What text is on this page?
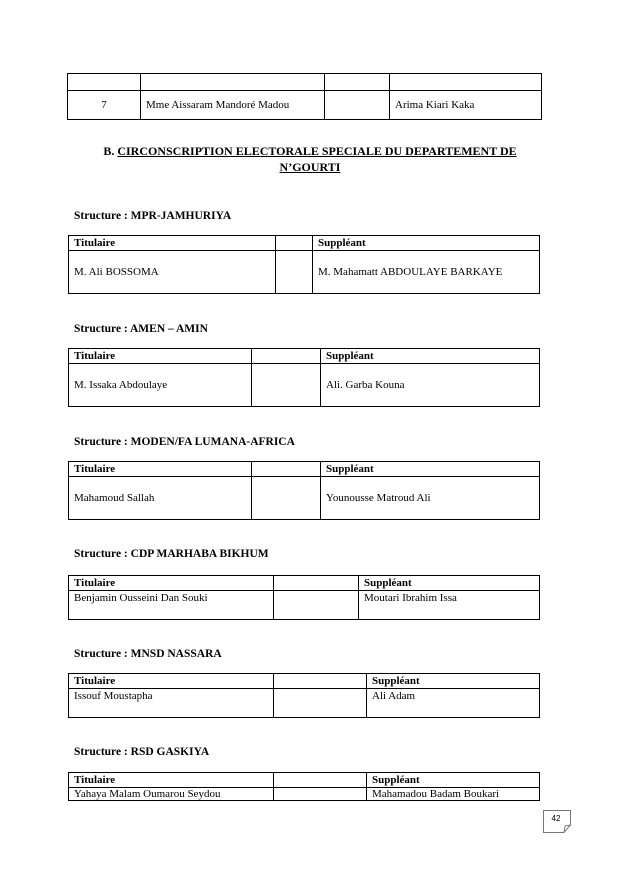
7	Mme Aissaram Mandoré Madou		Arima Kiari Kaka
B. CIRCONSCRIPTION ELECTORALE SPECIALE DU DEPARTEMENT DE
N’GOURTI
Structure : MPR-JAMHURIYA
Titulaire		Suppléant
M. Ali BOSSOMA		M. Mahamatt ABDOULAYE BARKAYE
Structure : AMEN – AMIN
Titulaire		Suppléant
M. Issaka Abdoulaye		Ali. Garba Kouna
Structure : MODEN/FA LUMANA-AFRICA
Titulaire		Suppléant
Mahamoud Sallah		Younousse Matroud Ali
Structure : CDP MARHABA BIKHUM
Titulaire		Suppléant
Benjamin Ousseini Dan Souki		Moutari Ibrahim Issa
Structure : MNSD NASSARA
Titulaire		Suppléant
Issouf Moustapha		Ali Adam
Structure : RSD GASKIYA
Titulaire		Suppléant
Yahaya Malam Oumarou Seydou		Mahamadou Badam Boukari
42
